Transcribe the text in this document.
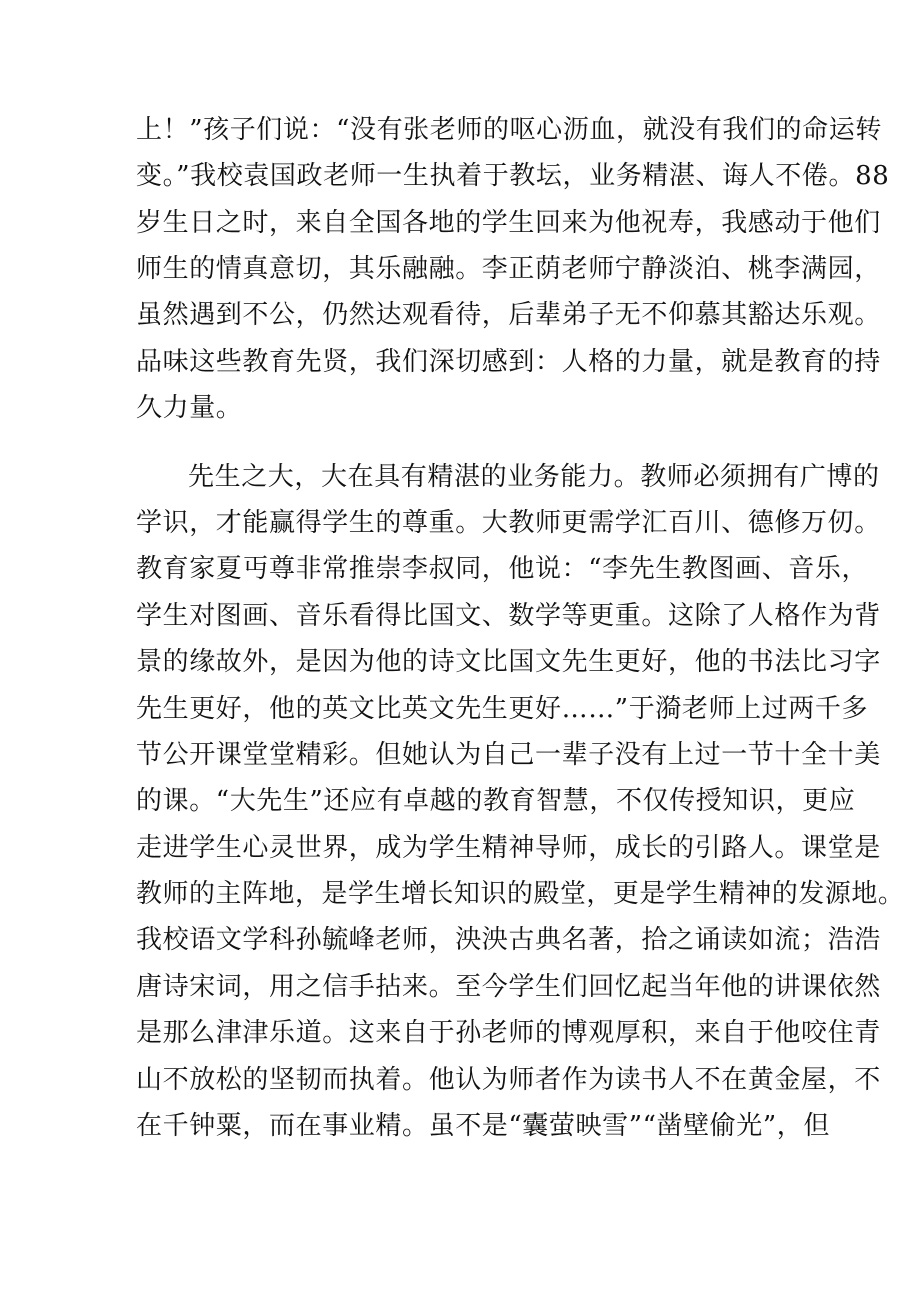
上！”孩子们说：“没有张老师的呕心沥血，就没有我们的命运转
变。”我校袁国政老师一生执着于教坛，业务精湛、诲人不倦。88
岁生日之时，来自全国各地的学生回来为他祝寿，我感动于他们
师生的情真意切，其乐融融。李正荫老师宁静淡泊、桃李满园，
虽然遇到不公，仍然达观看待，后辈弟子无不仰慕其豁达乐观。
品味这些教育先贤，我们深切感到：人格的力量，就是教育的持
久力量。
先生之大，大在具有精湛的业务能力。教师必须拥有广博的
学识，才能赢得学生的尊重。大教师更需学汇百川、德修万仞。
教育家夏丏尊非常推崇李叔同，他说：“李先生教图画、音乐，
学生对图画、音乐看得比国文、数学等更重。这除了人格作为背
景的缘故外，是因为他的诗文比国文先生更好，他的书法比习字
先生更好，他的英文比英文先生更好……”于漪老师上过两千多
节公开课堂堂精彩。但她认为自己一辈子没有上过一节十全十美
的课。“大先生”还应有卓越的教育智慧，不仅传授知识，更应
走进学生心灵世界，成为学生精神导师，成长的引路人。课堂是
教师的主阵地，是学生增长知识的殿堂，更是学生精神的发源地。
我校语文学科孙毓峰老师，泱泱古典名著，拾之诵读如流；浩浩
唐诗宋词，用之信手拈来。至今学生们回忆起当年他的讲课依然
是那么津津乐道。这来自于孙老师的博观厚积，来自于他咬住青
山不放松的坚韧而执着。他认为师者作为读书人不在黄金屋，不
在千钟粟，而在事业精。虽不是“囊萤映雪”“凿壁偷光”，但
